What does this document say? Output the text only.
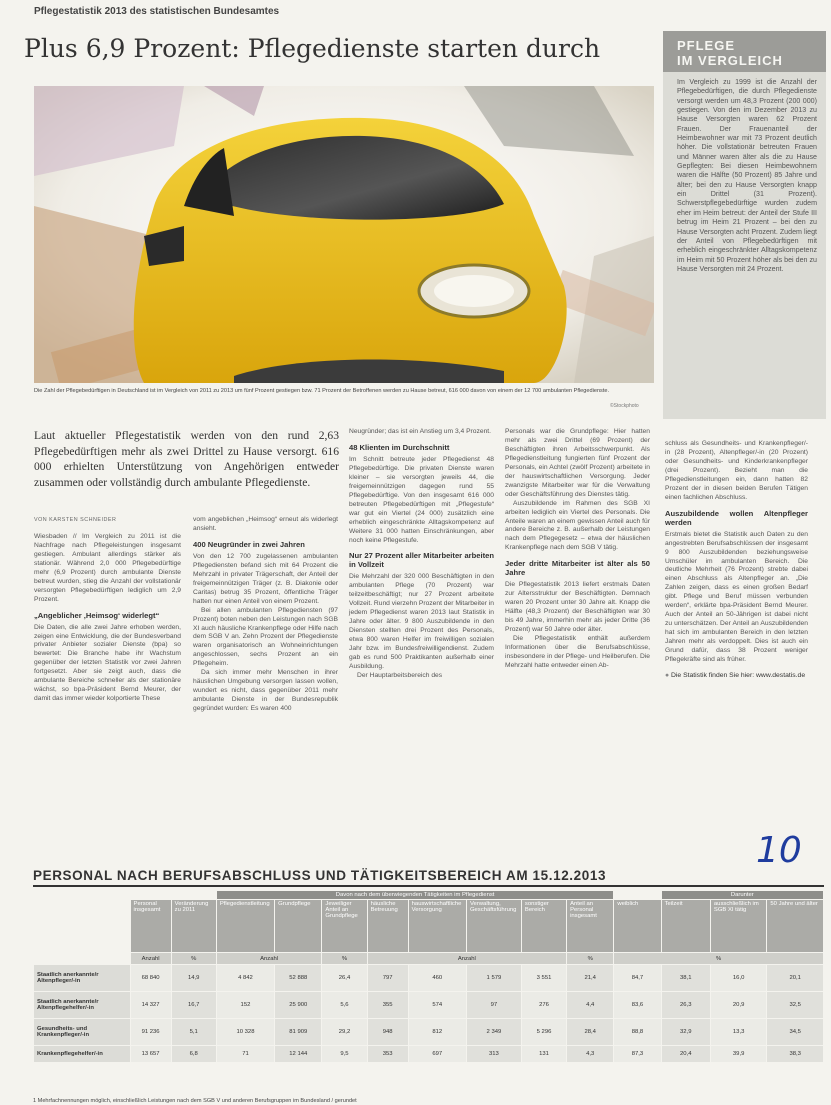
Pflegestatistik 2013 des statistischen Bundesamtes
Plus 6,9 Prozent: Pflegedienste starten durch	PFLEGE
IM VERGLEICH
Im Vergleich zu 1999 ist die Anzahl der Pflegebedürftigen, die durch Pflegedienste versorgt werden um 48,3 Prozent (200 000) gestiegen. Von den im Dezember 2013 zu Hause Versorgten waren 62 Prozent Frauen. Der Frauenanteil der Heimbewohner war mit 73 Prozent deutlich höher. Die vollstationär betreuten Frauen und Männer waren älter als die zu Hause Gepflegten: Bei diesen Heimbewohnern waren die Hälfte (50 Prozent) 85 Jahre und älter; bei den zu Hause Versorgten knapp ein Drittel (31 Prozent). Schwerstpflegebedürftige wurden zudem eher im Heim betreut: der Anteil der Stufe III betrug im Heim 21 Prozent – bei den zu Hause Versorgten acht Prozent. Zudem liegt der Anteil von Pflegebedürftigen mit erheblich eingeschränkter Alltagskompetenz im Heim mit 50 Prozent höher als bei den zu Hause Versorgten mit 24 Prozent.
Die Zahl der Pflegebedürftigen in Deutschland ist im Vergleich von 2011 zu 2013 um fünf Prozent gestiegen bzw. 71 Prozent der Betroffenen werden zu Hause betreut, 616 000 davon von einem der 12 700 ambulanten Pflegedienste.
©Stockphoto
Laut aktueller Pflegestatistik werden von den rund 2,63 Pflegebedürftigen mehr als zwei Drittel zu Hause versorgt. 616 000 erhielten Unterstützung von Angehörigen entweder zusammen oder vollständig durch ambulante Pflegedienste.
VON KARSTEN SCHNEIDER

Wiesbaden // Im Vergleich zu 2011 ist die Nachfrage nach Pflegeleistungen insgesamt gestiegen. Ambulant allerdings stärker als stationär. Während 2,0 000 Pflegebedürftige mehr (6,9 Prozent) durch ambulante Dienste betreut wurden, stieg die Anzahl der vollstationär versorgten Pflegebedürftigen lediglich um 2,9 Prozent.

„Angeblicher ‚Heimsog‘ widerlegt“

Die Daten, die alle zwei Jahre erhoben werden, zeigen eine Entwicklung, die der Bundesverband privater Anbieter sozialer Dienste (bpa) so bewertet: Die Branche habe ihr Wachstum gegenüber der letzten Statistik vor zwei Jahren fortgesetzt. Aber sie zeigt auch, dass die ambulante Bereiche schneller als der stationäre wächst, so bpa-Präsident Bernd Meurer, der damit das immer wieder kolportierte These

vom angeblichen „Heimsog“ erneut als widerlegt ansieht.

400 Neugründer in zwei Jahren

Von den 12 700 zugelassenen ambulanten Pflegediensten befand sich mit 64 Prozent die Mehrzahl in privater Trägerschaft, der Anteil der freigemeinnützigen Träger (z. B. Diakonie oder Caritas) betrug 35 Prozent, öffentliche Träger hatten nur einen Anteil von einem Prozent.

Bei allen ambulanten Pflegediensten (97 Prozent) boten neben den Leistungen nach SGB XI auch häusliche Krankenpflege oder Hilfe nach dem SGB V an. Zehn Prozent der Pflegedienste waren organisatorisch an Wohneinrichtungen angeschlossen, sechs Prozent an ein Pflegeheim.

Da sich immer mehr Menschen in ihrer häuslichen Umgebung versorgen lassen wollen, wundert es nicht, dass gegenüber 2011 mehr ambulante Dienste in der Bundesrepublik gegründet wurden: Es waren 400

Neugründer; das ist ein Anstieg um 3,4 Prozent.

48 Klienten im Durchschnitt

Im Schnitt betreute jeder Pflegedienst 48 Pflegebedürftige. Die privaten Dienste waren kleiner – sie versorgten jeweils 44, die freigemeinnützigen dagegen rund 55 Pflegebedürftige. Von den insgesamt 616 000 betreuten Pflegebedürftigen mit „Pflegestufe“ war gut ein Viertel (24 000) zusätzlich eine erheblich eingeschränkte Alltagskompetenz auf Weitere 31 000 hatten Einschränkungen, aber noch keine Pflegestufe.

Nur 27 Prozent aller Mitarbeiter arbeiten in Vollzeit

Die Mehrzahl der 320 000 Beschäftigten in den ambulanten Pflege (70 Prozent) war teilzeitbeschäftigt; nur 27 Prozent arbeitete Vollzeit. Rund vierzehn Prozent der Mitarbeiter in jedem Pflegedienst waren 2013 laut Statistik in Jahre oder älter. 9 800 Auszubildende in den Diensten stellten drei Prozent des Personals, etwa 800 waren Helfer im freiwilligen sozialen Jahr bzw. im Bundesfreiwilligendienst. Zudem gab es rund 500 Praktikanten außerhalb einer Ausbildung.

Der Hauptarbeitsbereich des

Personals war die Grundpflege: Hier hatten mehr als zwei Drittel (69 Prozent) der Beschäftigten ihren Arbeitsschwerpunkt. Als Pflegedienstleitung fungierten fünf Prozent der Personals, ein Achtel (zwölf Prozent) arbeitete in der hauswirtschaftlichen Versorgung. Jeder zwanzigste Mitarbeiter war für die Verwaltung oder Geschäftsführung des Dienstes tätig.

Auszubildende im Rahmen des SGB XI arbeiten lediglich ein Viertel des Personals. Die Anteile waren an einem gewissen Anteil auch für andere Bereiche z. B. außerhalb der Leistungen nach dem Pflegegesetz – etwa der häuslichen Krankenpflege nach dem SGB V tätig.

Jeder dritte Mitarbeiter ist älter als 50 Jahre

Die Pflegestatistik 2013 liefert erstmals Daten zur Altersstruktur der Beschäftigten. Demnach waren 20 Prozent unter 30 Jahre alt. Knapp die Hälfte (48,3 Prozent) der Beschäftigten war 30 bis 49 Jahre, immerhin mehr als jeder Dritte (36 Prozent) war 50 Jahre oder älter.

Die Pflegestatistik enthält außerdem Informationen über die Berufsabschlüsse, insbesondere in der Pflege- und Heilberufen. Die Mehrzahl hatte entweder einen Ab-

schluss als Gesundheits- und Krankenpfleger/-in (28 Prozent), Altenpfleger/-in (20 Prozent) oder Gesundheits- und Kinderkrankenpfleger (drei Prozent). Bezieht man die Pflegedienstleitungen ein, dann hatten 82 Prozent der in diesen beiden Berufen Tätigen einen fachlichen Abschluss.

Auszubildende wollen Altenpfleger werden

Erstmals bietet die Statistik auch Daten zu den angestrebten Berufsabschlüssen der insgesamt 9 800 Auszubildenden beziehungsweise Umschüler im ambulanten Bereich. Die deutliche Mehrheit (76 Prozent) strebte dabei einen Abschluss als Altenpfleger an. „Die Zahlen zeigen, dass es einen großen Bedarf gibt. Pflege und Beruf müssen verbunden werden“, erklärte bpa-Präsident Bernd Meurer. Auch der Anteil an 50-Jährigen ist dabei nicht zu unterschätzen. Der Anteil an Auszubildenden hat sich im ambulanten Bereich in den letzten Jahren mehr als verdoppelt. Dies ist auch ein Grund dafür, dass 38 Prozent weniger Pflegekräfte sind als früher.

● Die Statistik finden Sie hier: www.destatis.de

10
PERSONAL NACH BERUFSABSCHLUSS UND TÄTIGKEITSBEREICH AM 15.12.2013
			Davon nach dem überwiegenden Tätigkeiten im Pflegedienst									Darunter		
	Personal insgesamt	Veränderung zu 2011	Pflegedienstleitung	Grundpflege	Jeweiliger Anteil an Grundpflege	häusliche Betreuung	hauswirtschaftliche Versorgung	Verwaltung, Geschäftsführung	sonstiger Bereich	Anteil an Personal insgesamt	weiblich	Teilzeit	ausschließlich im SGB XI tätig	50 Jahre und älter
	Anzahl	%	Anzahl		%	Anzahl				%	%			
Staatlich anerkannte/r Altenpfleger/-in	68 840	14,9	4 842	52 888	26,4	797	460	1 579	3 551	21,4	84,7	38,1	16,0	20,1
Staatlich anerkannte/r Altenpflegehelfer/-in	14 327	16,7	152	25 900	5,6	355	574	97	276	4,4	83,6	26,3	20,9	32,5
Gesundheits- und Krankenpfleger/-in	91 236	5,1	10 328	81 909	29,2	948	812	2 349	5 296	28,4	88,8	32,9	13,3	34,5
Krankenpflegehelfer/-in	13 657	6,8	71	12 144	9,5	353	697	313	131	4,3	87,3	20,4	39,9	38,3
1 Mehrfachnennungen möglich, einschließlich Leistungen nach dem SGB V und anderen Berufsgruppen im Bundesland / gerundet
